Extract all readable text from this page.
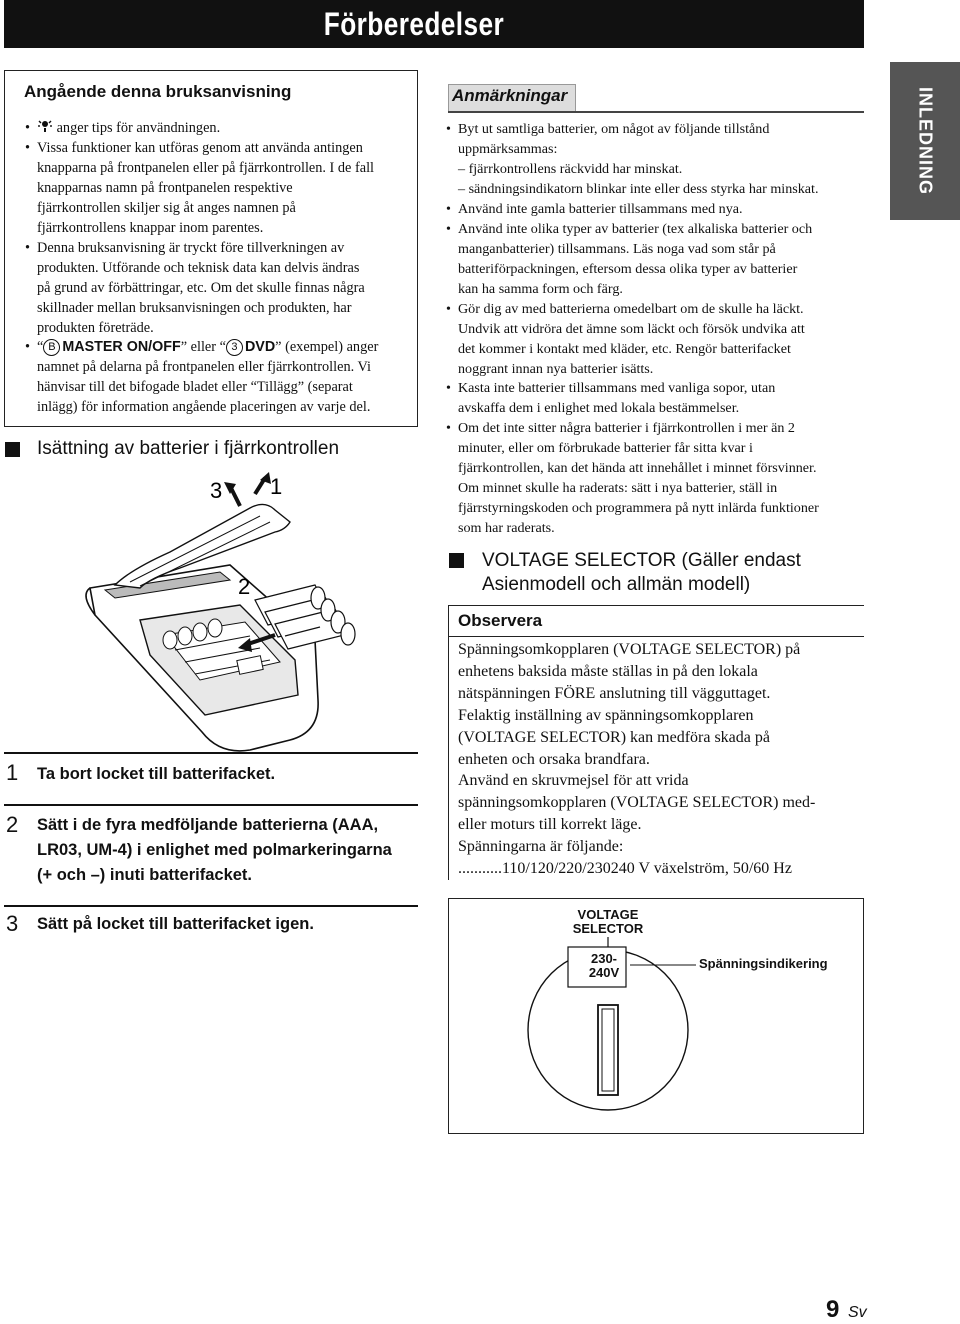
Förberedelser
INLEDNING
Angående denna bruksanvisning
•	anger tips för användningen.
• Vissa funktioner kan utföras genom att använda antingen
knapparna på frontpanelen eller på fjärrkontrollen. I de fall
knapparnas namn på frontpanelen respektive
fjärrkontrollen skiljer sig åt anges namnen på
fjärrkontrollens knappar inom parentes.
• Denna bruksanvisning är tryckt före tillverkningen av
produkten. Utförande och teknisk data kan delvis ändras
på grund av förbättringar, etc. Om det skulle finnas några
skillnader mellan bruksanvisningen och produkten, har
produkten företräde.
• “ B MASTER ON/OFF” eller “ 3 DVD” (exempel) anger
namnet på delarna på frontpanelen eller fjärrkontrollen. Vi
hänvisar till det bifogade bladet eller “Tillägg” (separat
inlägg) för information angående placeringen av varje del.
Isättning av batterier i fjärrkontrollen
3 1
2
1 Ta bort locket till batterifacket.
2 Sätt i de fyra medföljande batterierna (AAA,
LR03, UM-4) i enlighet med polmarkeringarna
(+ och –) inuti batterifacket.
3 Sätt på locket till batterifacket igen.
Anmärkningar
• Byt ut samtliga batterier, om något av följande tillstånd
uppmärksammas:
– fjärrkontrollens räckvidd har minskat.
– sändningsindikatorn blinkar inte eller dess styrka har minskat.
• Använd inte gamla batterier tillsammans med nya.
• Använd inte olika typer av batterier (tex alkaliska batterier och
manganbatterier) tillsammans. Läs noga vad som står på
batteriförpackningen, eftersom dessa olika typer av batterier
kan ha samma form och färg.
• Gör dig av med batterierna omedelbart om de skulle ha läckt.
Undvik att vidröra det ämne som läckt och försök undvika att
det kommer i kontakt med kläder, etc. Rengör batterifacket
noggrant innan nya batterier isätts.
• Kasta inte batterier tillsammans med vanliga sopor, utan
avskaffa dem i enlighet med lokala bestämmelser.
• Om det inte sitter några batterier i fjärrkontrollen i mer än 2
minuter, eller om förbrukade batterier får sitta kvar i
fjärrkontrollen, kan det hända att innehållet i minnet försvinner.
Om minnet skulle ha raderats: sätt i nya batterier, ställ in
fjärrstyrningskoden och programmera på nytt inlärda funktioner
som har raderats.
VOLTAGE SELECTOR (Gäller endast
Asienmodell och allmän modell)
Observera
Spänningsomkopplaren (VOLTAGE SELECTOR) på
enhetens baksida måste ställas in på den lokala
nätspänningen FÖRE anslutning till vägguttaget.
Felaktig inställning av spänningsomkopplaren
(VOLTAGE SELECTOR) kan medföra skada på
enheten och orsaka brandfara.
Använd en skruvmejsel för att vrida
spänningsomkopplaren (VOLTAGE SELECTOR) med-
eller moturs till korrekt läge.
Spänningarna är följande:
...........110/120/220/230240 V växelström, 50/60 Hz
VOLTAGE
SELECTOR
230-
240V
Spänningsindikering
9 Sv
